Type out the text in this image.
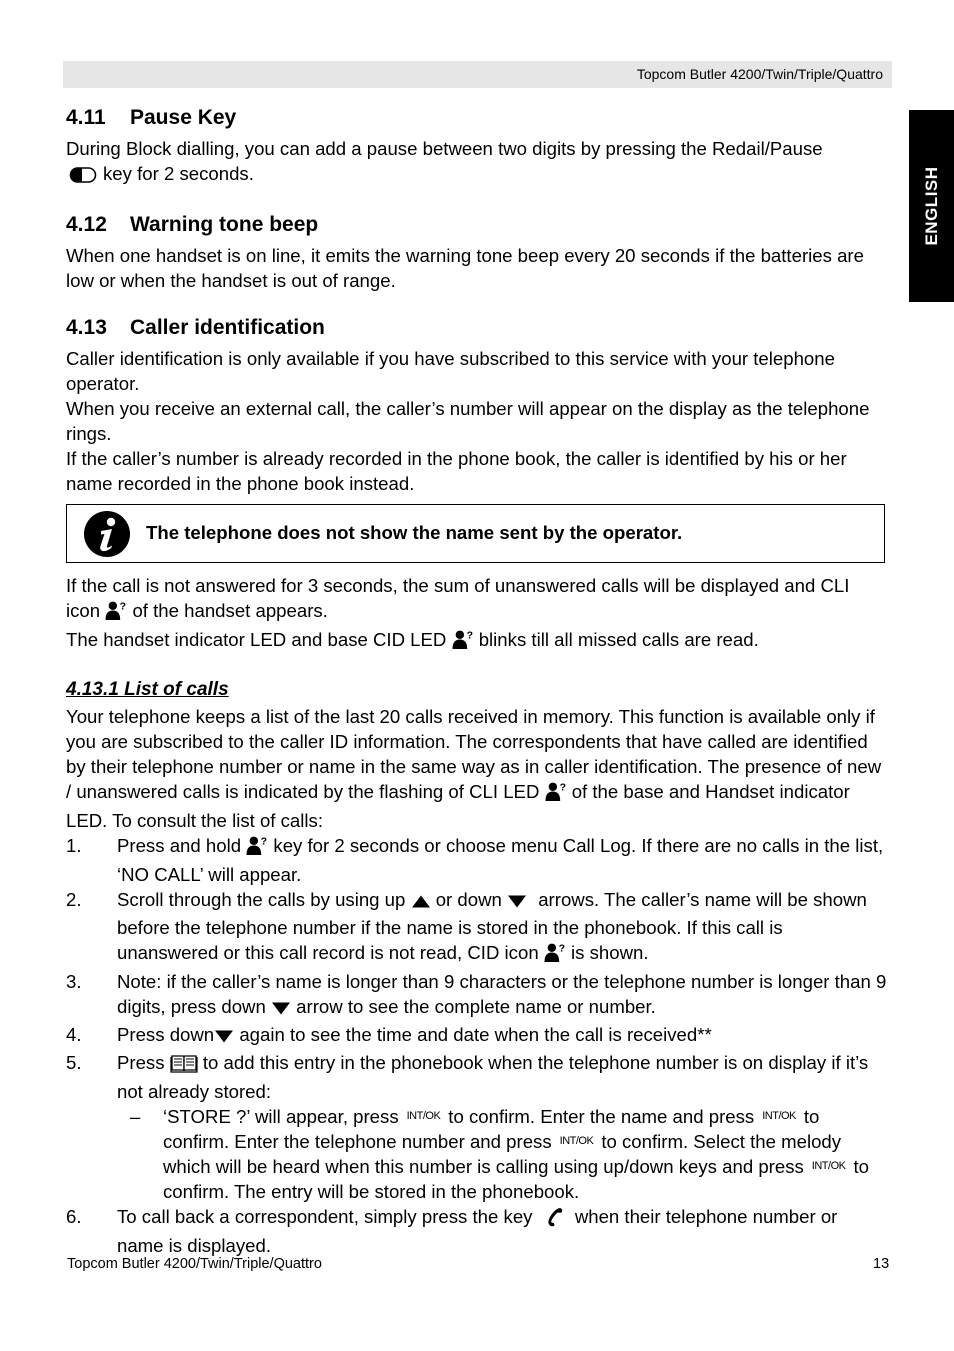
Topcom Butler 4200/Twin/Triple/Quattro
ENGLISH
4.11 Pause Key

During Block dialling, you can add a pause between two digits by pressing the Redail/Pause
key for 2 seconds.

4.12 Warning tone beep

When one handset is on line, it emits the warning tone beep every 20 seconds if the batteries are low or when the handset is out of range.

4.13 Caller identification

Caller identification is only available if you have subscribed to this service with your telephone operator.

When you receive an external call, the caller’s number will appear on the display as the telephone rings.

If the caller’s number is already recorded in the phone book, the caller is identified by his or her name recorded in the phone book instead.

The telephone does not show the name sent by the operator.

If the call is not answered for 3 seconds, the sum of unanswered calls will be displayed and CLI icon of the handset appears.

The handset indicator LED and base CID LED blinks till all missed calls are read.

4.13.1 List of calls

Your telephone keeps a list of the last 20 calls received in memory. This function is available only if you are subscribed to the caller ID information. The correspondents that have called are identified by their telephone number or name in the same way as in caller identification. The presence of new / unanswered calls is indicated by the flashing of CLI LED of the base and Handset indicator LED. To consult the list of calls:

1. Press and hold key for 2 seconds or choose menu Call Log. If there are no calls in the list, ‘NO CALL’ will appear.
2. Scroll through the calls by using up or down arrows. The caller’s name will be shown before the telephone number if the name is stored in the phonebook. If this call is unanswered or this call record is not read, CID icon is shown.
3. Note: if the caller’s name is longer than 9 characters or the telephone number is longer than 9 digits, press down arrow to see the complete name or number.
4. Press down again to see the time and date when the call is received**
5. Press to add this entry in the phonebook when the telephone number is on display if it’s not already stored:
– ‘STORE ?’ will appear, press INT/OK to confirm. Enter the name and press INT/OK to confirm. Enter the telephone number and press INT/OK to confirm. Select the melody which will be heard when this number is calling using up/down keys and press INT/OK to confirm. The entry will be stored in the phonebook.
6. To call back a correspondent, simply press the key when their telephone number or name is displayed.
Topcom Butler 4200/Twin/Triple/Quattro	13
